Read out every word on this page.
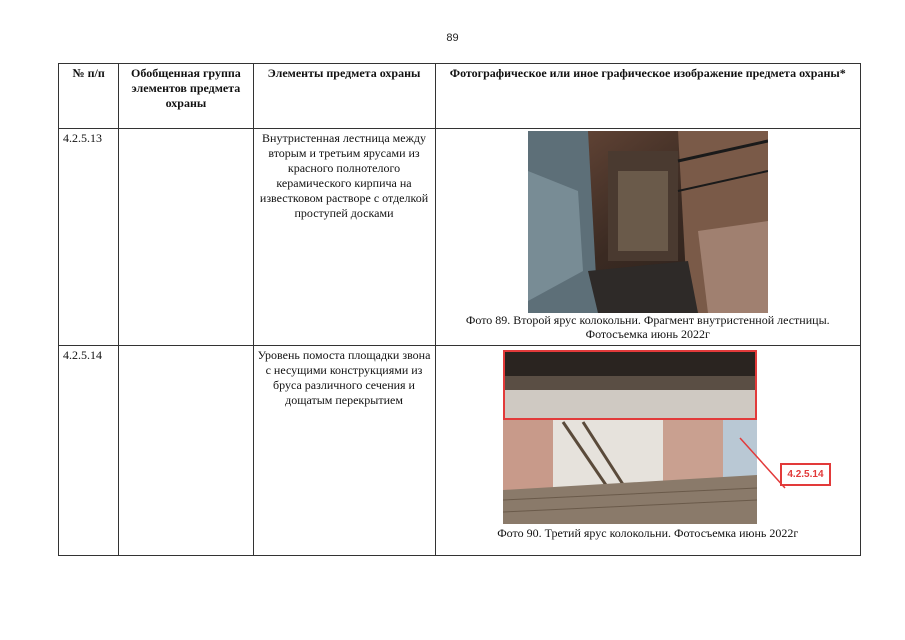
89
№ п/п	Обобщенная группа элементов предмета охраны	Элементы предмета охраны	Фотографическое или иное графическое изображение предмета охраны*
4.2.5.13		Внутристенная лестница между вторым и третьим ярусами из красного полнотелого керамического кирпича на известковом растворе с отделкой проступей досками	Фото 89. Второй ярус колокольни. Фрагмент внутристенной лестницы. Фотосъемка июнь 2022г

4.2.5.14		Уровень помоста площадки звона с несущими конструкциями из бруса различного сечения и дощатым перекрытием	4.2.5.14
Фото 90. Третий ярус колокольни. Фотосъемка июнь 2022г
